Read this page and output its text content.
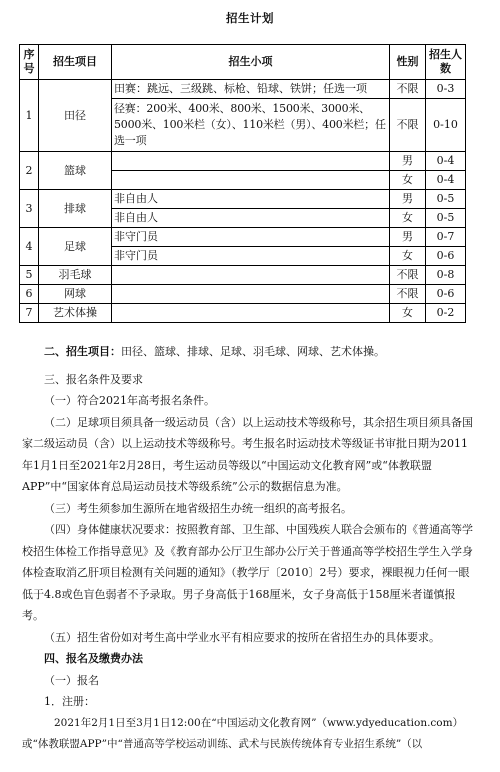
招生计划
序号	招生项目	招生小项	性别	招生人数
1	田径	田赛：跳远、三级跳、标枪、铅球、铁饼；任选一项	不限	0-3
		径赛：200米、400米、800米、1500米、3000米、5000米、100米栏（女）、110米栏（男）、400米栏；任选一项	不限	0-10
2	篮球		男	0-4
			女	0-4
3	排球	非自由人	男	0-5
		非自由人	女	0-5
4	足球	非守门员	男	0-7
		非守门员	女	0-6
5	羽毛球		不限	0-8
6	网球		不限	0-6
7	艺术体操		女	0-2

二、招生项目：田径、篮球、排球、足球、羽毛球、网球、艺术体操。

三、报名条件及要求

（一）符合2021年高考报名条件。

（二）足球项目须具备一级运动员（含）以上运动技术等级称号，其余招生项目须具备国家二级运动员（含）以上运动技术等级称号。考生报名时运动技术等级证书审批日期为2011年1月1日至2021年2月28日，考生运动员等级以“中国运动文化教育网”或“体教联盟APP”中“国家体育总局运动员技术等级系统”公示的数据信息为准。

（三）考生须参加生源所在地省级招生办统一组织的高考报名。

（四）身体健康状况要求：按照教育部、卫生部、中国残疾人联合会颁布的《普通高等学校招生体检工作指导意见》及《教育部办公厅卫生部办公厅关于普通高等学校招生学生入学身体检查取消乙肝项目检测有关问题的通知》（教学厅〔2010〕2号）要求，裸眼视力任何一眼低于4.8或色盲色弱者不予录取。男子身高低于168厘米，女子身高低于158厘米者谨慎报考。

（五）招生省份如对考生高中学业水平有相应要求的按所在省招生办的具体要求。

四、报名及缴费办法

（一）报名

1．注册：

2021年2月1日至3月1日12:00在“中国运动文化教育网”（www.ydyeducation.com）

或“体教联盟APP”中“普通高等学校运动训练、武术与民族传统体育专业招生系统”（以
